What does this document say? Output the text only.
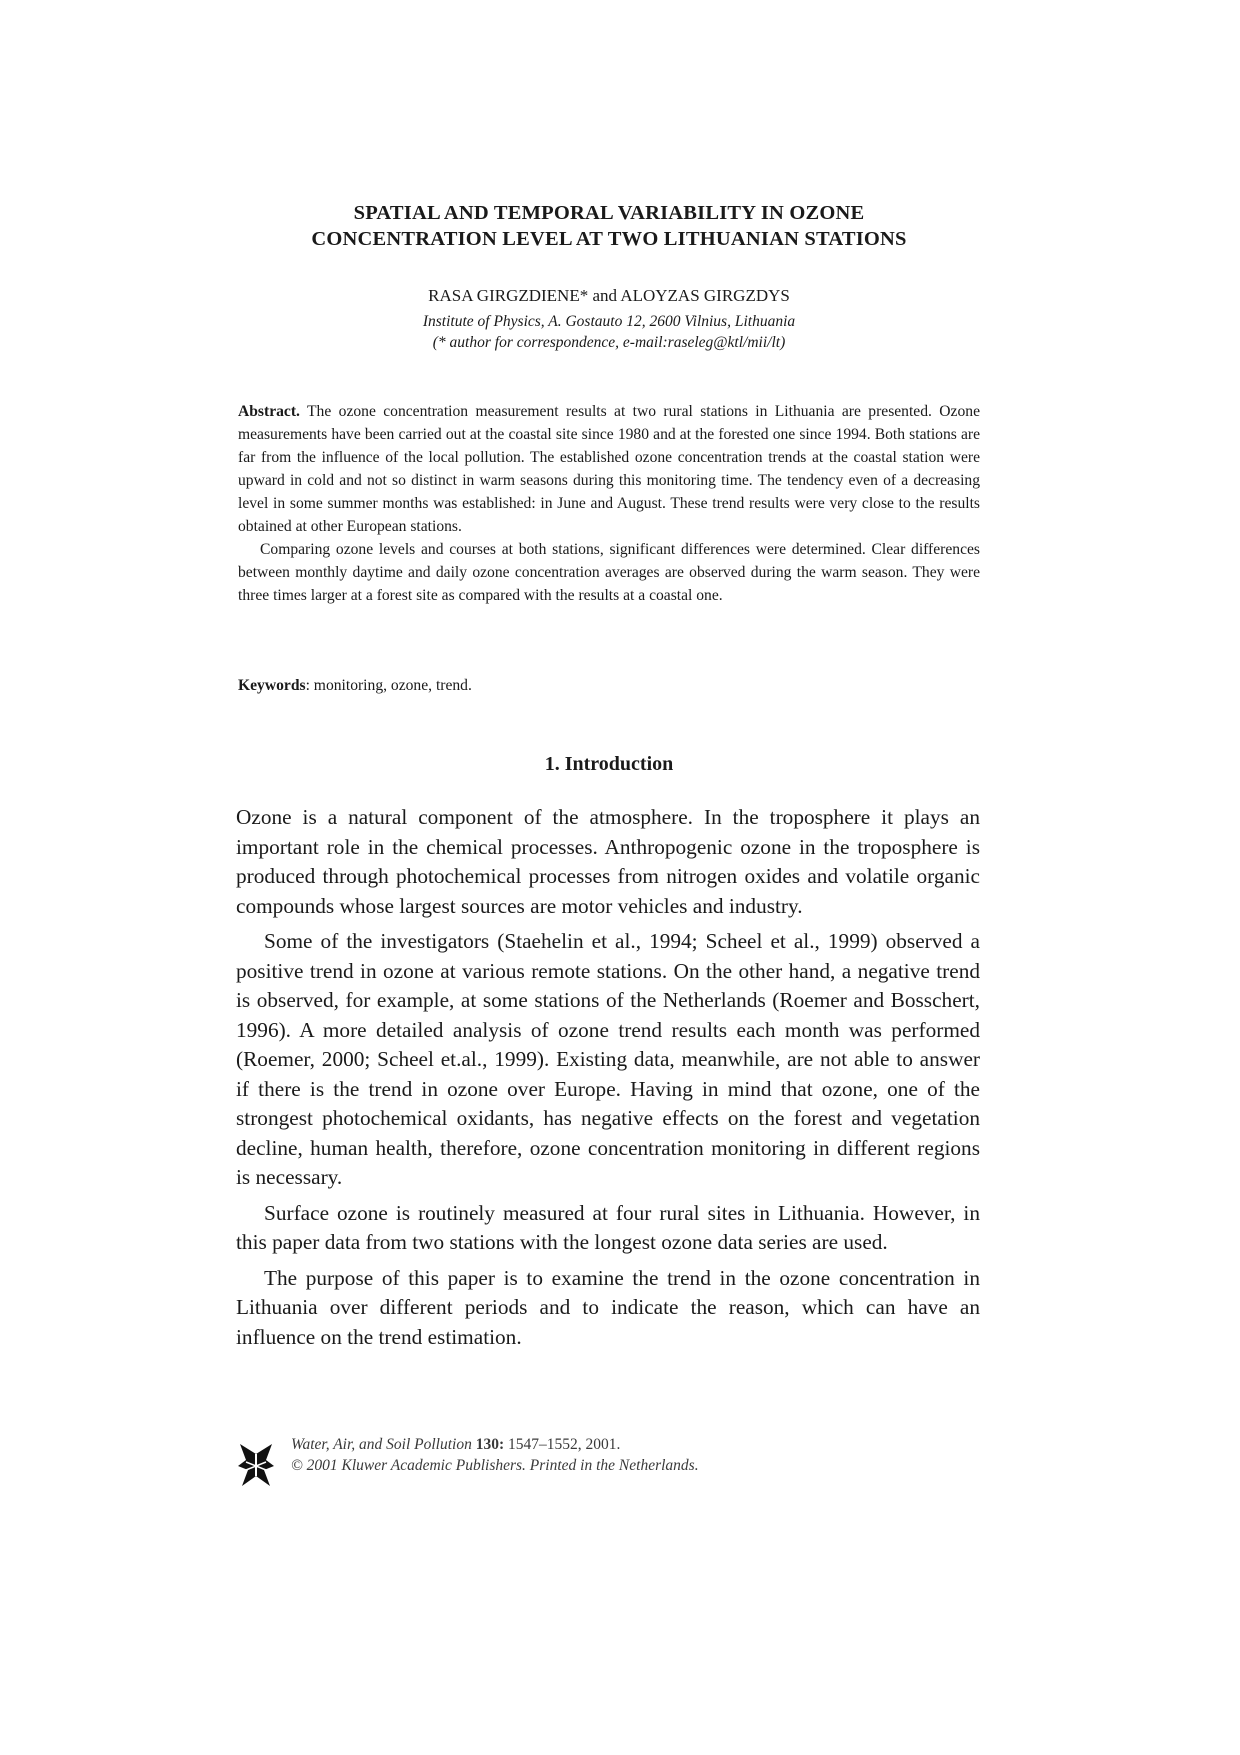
SPATIAL AND TEMPORAL VARIABILITY IN OZONE
CONCENTRATION LEVEL AT TWO LITHUANIAN STATIONS
RASA GIRGZDIENE* and ALOYZAS GIRGZDYS
Institute of Physics, A. Gostauto 12, 2600 Vilnius, Lithuania
(* author for correspondence, e-mail:raseleg@ktl/mii/lt)

Abstract. The ozone concentration measurement results at two rural stations in Lithuania are presented. Ozone measurements have been carried out at the coastal site since 1980 and at the forested one since 1994. Both stations are far from the influence of the local pollution. The established ozone concentration trends at the coastal station were upward in cold and not so distinct in warm seasons during this monitoring time. The tendency even of a decreasing level in some summer months was established: in June and August. These trend results were very close to the results obtained at other European stations.

Comparing ozone levels and courses at both stations, significant differences were determined. Clear differences between monthly daytime and daily ozone concentration averages are observed during the warm season. They were three times larger at a forest site as compared with the results at a coastal one.

Keywords: monitoring, ozone, trend.
1. Introduction

Ozone is a natural component of the atmosphere. In the troposphere it plays an important role in the chemical processes. Anthropogenic ozone in the troposphere is produced through photochemical processes from nitrogen oxides and volatile organic compounds whose largest sources are motor vehicles and industry.

Some of the investigators (Staehelin et al., 1994; Scheel et al., 1999) observed a positive trend in ozone at various remote stations. On the other hand, a negative trend is observed, for example, at some stations of the Netherlands (Roemer and Bosschert, 1996). A more detailed analysis of ozone trend results each month was performed (Roemer, 2000; Scheel et.al., 1999). Existing data, meanwhile, are not able to answer if there is the trend in ozone over Europe. Having in mind that ozone, one of the strongest photochemical oxidants, has negative effects on the forest and vegetation decline, human health, therefore, ozone concentration monitoring in different regions is necessary.

Surface ozone is routinely measured at four rural sites in Lithuania. However, in this paper data from two stations with the longest ozone data series are used.

The purpose of this paper is to examine the trend in the ozone concentration in Lithuania over different periods and to indicate the reason, which can have an influence on the trend estimation.

Water, Air, and Soil Pollution 130: 1547–1552, 2001.
© 2001 Kluwer Academic Publishers. Printed in the Netherlands.
